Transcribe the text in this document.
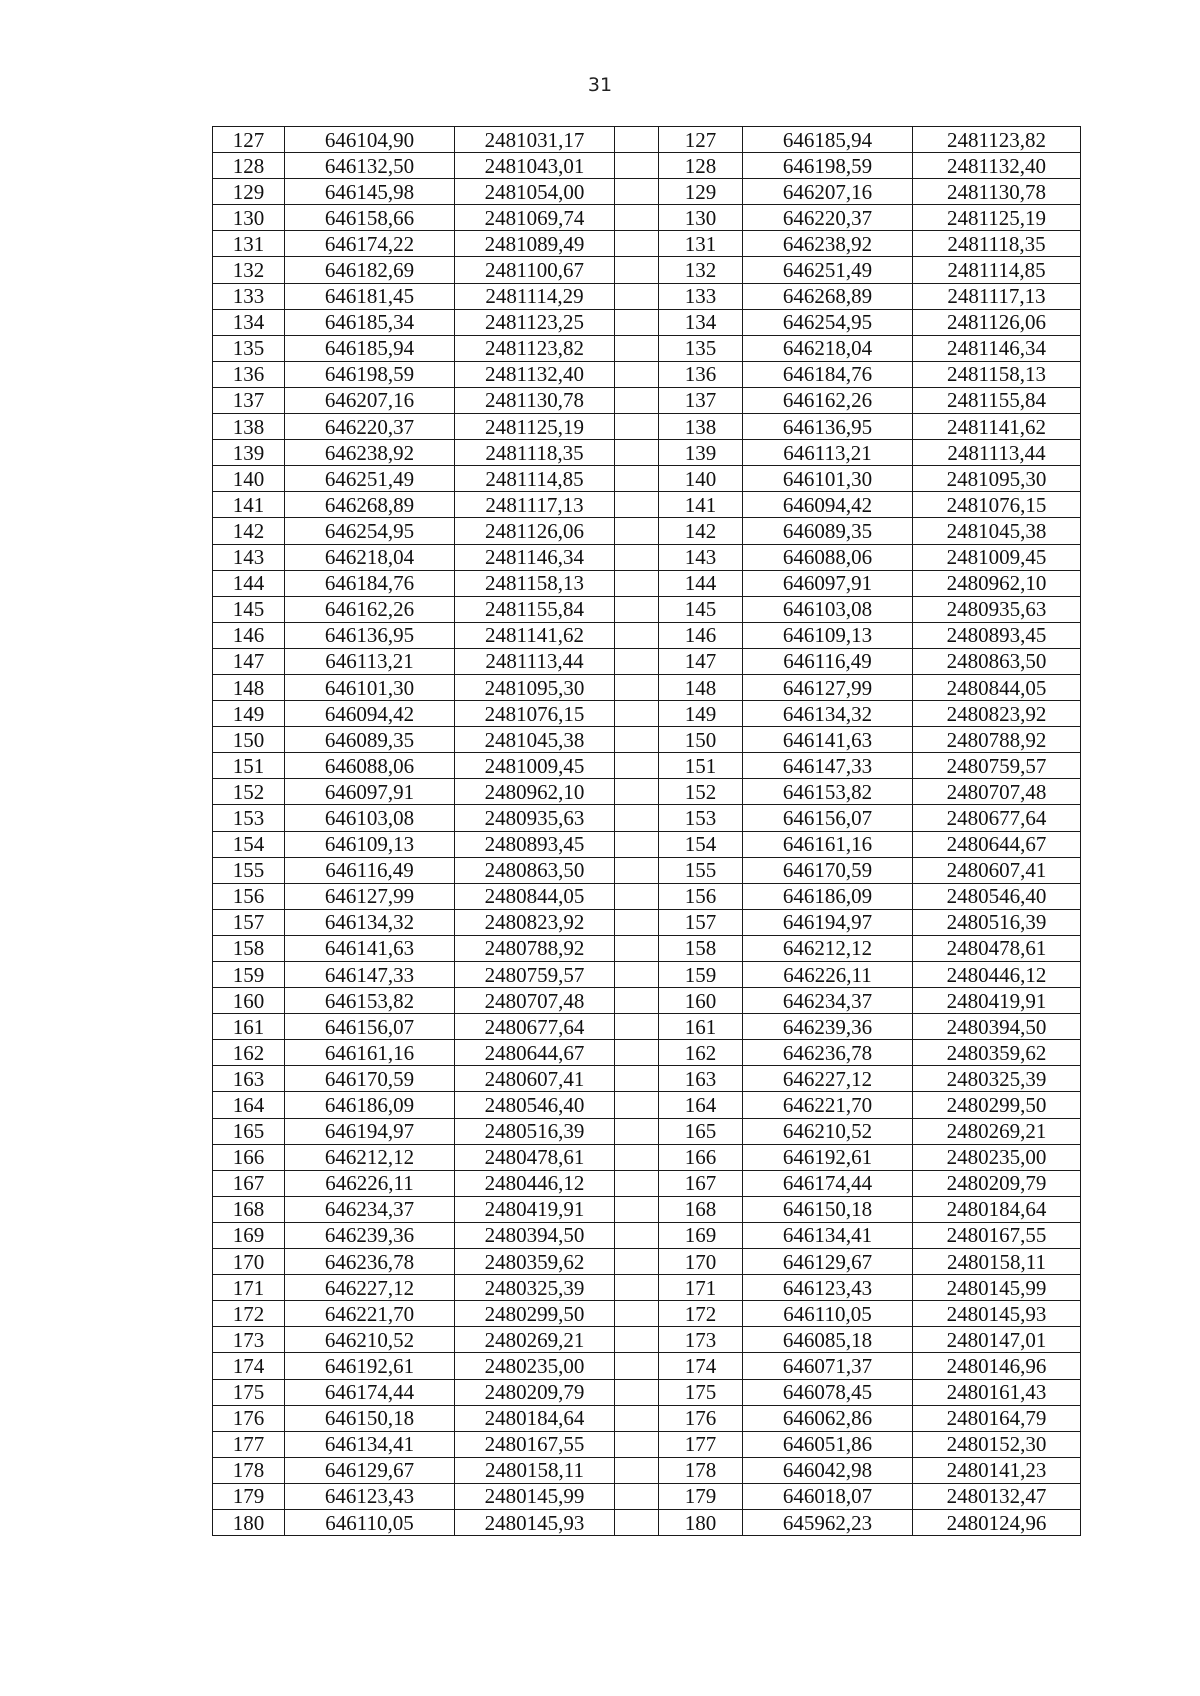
31
127	646104,90	2481031,17		127	646185,94	2481123,82
128	646132,50	2481043,01		128	646198,59	2481132,40
129	646145,98	2481054,00		129	646207,16	2481130,78
130	646158,66	2481069,74		130	646220,37	2481125,19
131	646174,22	2481089,49		131	646238,92	2481118,35
132	646182,69	2481100,67		132	646251,49	2481114,85
133	646181,45	2481114,29		133	646268,89	2481117,13
134	646185,34	2481123,25		134	646254,95	2481126,06
135	646185,94	2481123,82		135	646218,04	2481146,34
136	646198,59	2481132,40		136	646184,76	2481158,13
137	646207,16	2481130,78		137	646162,26	2481155,84
138	646220,37	2481125,19		138	646136,95	2481141,62
139	646238,92	2481118,35		139	646113,21	2481113,44
140	646251,49	2481114,85		140	646101,30	2481095,30
141	646268,89	2481117,13		141	646094,42	2481076,15
142	646254,95	2481126,06		142	646089,35	2481045,38
143	646218,04	2481146,34		143	646088,06	2481009,45
144	646184,76	2481158,13		144	646097,91	2480962,10
145	646162,26	2481155,84		145	646103,08	2480935,63
146	646136,95	2481141,62		146	646109,13	2480893,45
147	646113,21	2481113,44		147	646116,49	2480863,50
148	646101,30	2481095,30		148	646127,99	2480844,05
149	646094,42	2481076,15		149	646134,32	2480823,92
150	646089,35	2481045,38		150	646141,63	2480788,92
151	646088,06	2481009,45		151	646147,33	2480759,57
152	646097,91	2480962,10		152	646153,82	2480707,48
153	646103,08	2480935,63		153	646156,07	2480677,64
154	646109,13	2480893,45		154	646161,16	2480644,67
155	646116,49	2480863,50		155	646170,59	2480607,41
156	646127,99	2480844,05		156	646186,09	2480546,40
157	646134,32	2480823,92		157	646194,97	2480516,39
158	646141,63	2480788,92		158	646212,12	2480478,61
159	646147,33	2480759,57		159	646226,11	2480446,12
160	646153,82	2480707,48		160	646234,37	2480419,91
161	646156,07	2480677,64		161	646239,36	2480394,50
162	646161,16	2480644,67		162	646236,78	2480359,62
163	646170,59	2480607,41		163	646227,12	2480325,39
164	646186,09	2480546,40		164	646221,70	2480299,50
165	646194,97	2480516,39		165	646210,52	2480269,21
166	646212,12	2480478,61		166	646192,61	2480235,00
167	646226,11	2480446,12		167	646174,44	2480209,79
168	646234,37	2480419,91		168	646150,18	2480184,64
169	646239,36	2480394,50		169	646134,41	2480167,55
170	646236,78	2480359,62		170	646129,67	2480158,11
171	646227,12	2480325,39		171	646123,43	2480145,99
172	646221,70	2480299,50		172	646110,05	2480145,93
173	646210,52	2480269,21		173	646085,18	2480147,01
174	646192,61	2480235,00		174	646071,37	2480146,96
175	646174,44	2480209,79		175	646078,45	2480161,43
176	646150,18	2480184,64		176	646062,86	2480164,79
177	646134,41	2480167,55		177	646051,86	2480152,30
178	646129,67	2480158,11		178	646042,98	2480141,23
179	646123,43	2480145,99		179	646018,07	2480132,47
180	646110,05	2480145,93		180	645962,23	2480124,96
